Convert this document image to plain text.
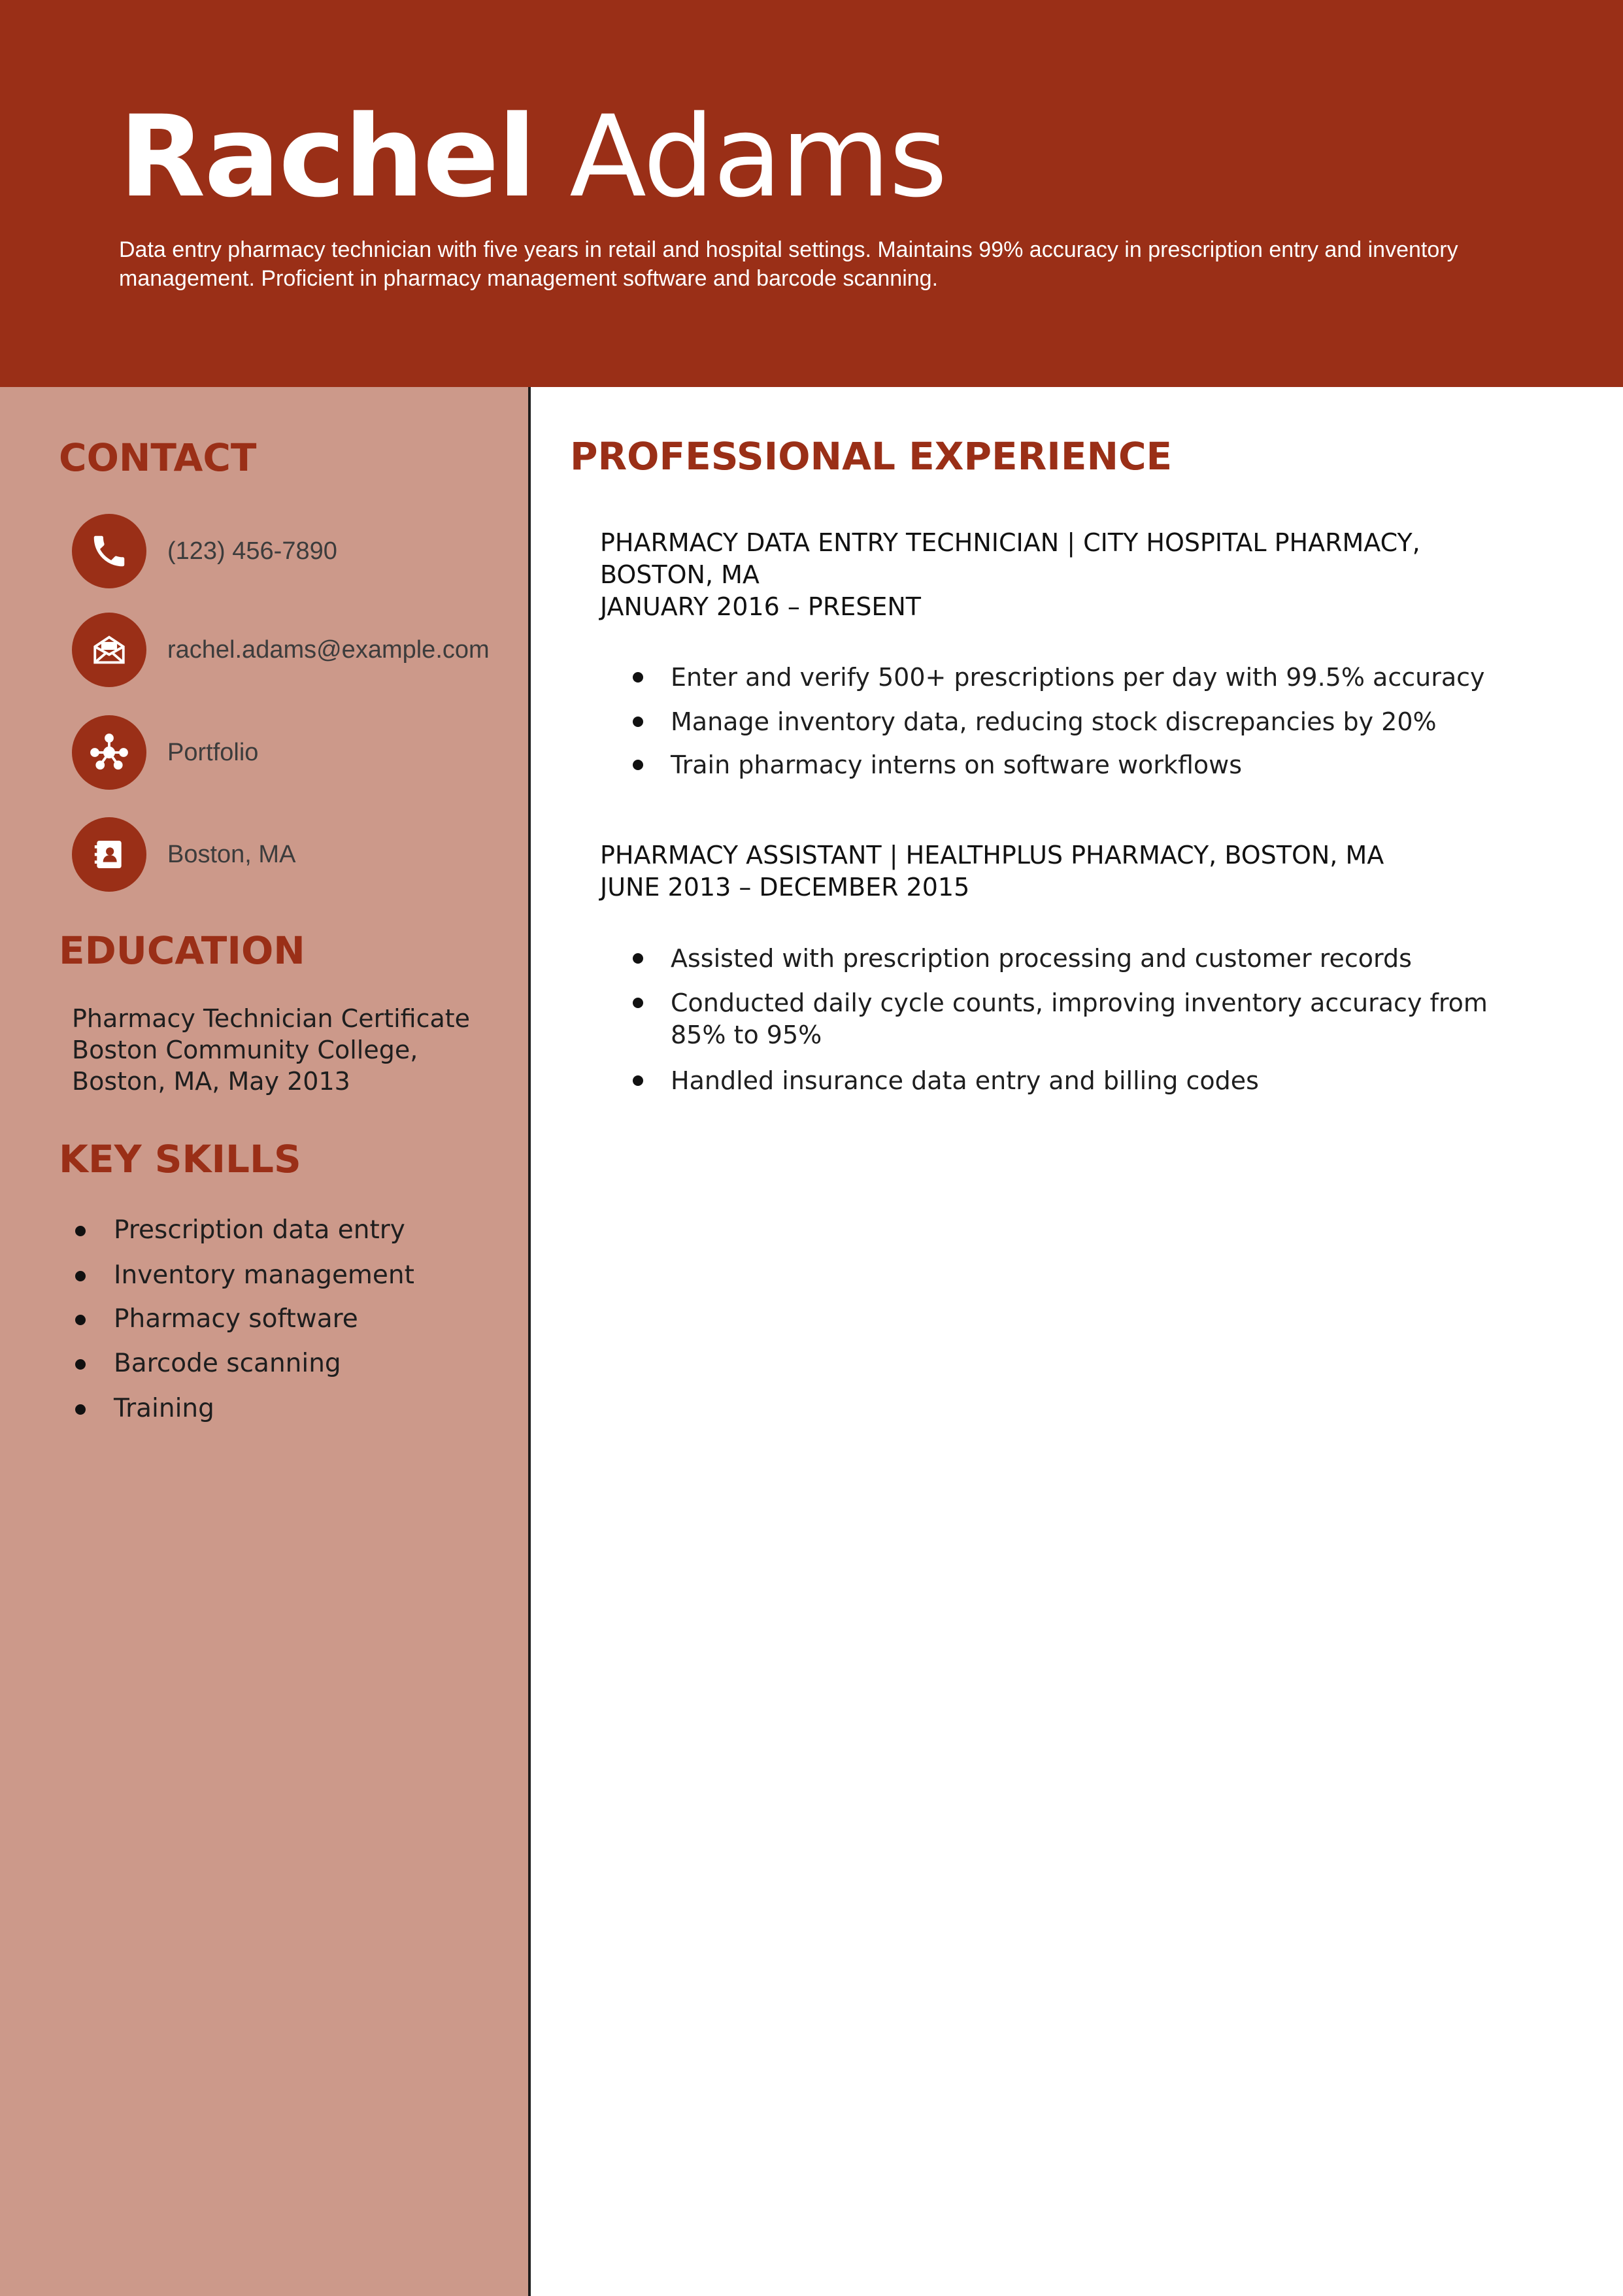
Rachel Adams

Data entry pharmacy technician with five years in retail and hospital settings. Maintains 99% accuracy in prescription entry and inventory management. Proficient in pharmacy management software and barcode scanning.

CONTACT
(123) 456-7890
rachel.adams@example.com
Portfolio
Boston, MA
EDUCATION

Pharmacy Technician Certificate

Boston Community College,

Boston, MA, May 2013

KEY SKILLS
Prescription data entry
Inventory management
Pharmacy software
Barcode scanning
Training
PROFESSIONAL EXPERIENCE

PHARMACY DATA ENTRY TECHNICIAN | CITY HOSPITAL PHARMACY,

BOSTON, MA

JANUARY 2016 – PRESENT

Enter and verify 500+ prescriptions per day with 99.5% accuracy
Manage inventory data, reducing stock discrepancies by 20%
Train pharmacy interns on software workflows

PHARMACY ASSISTANT | HEALTHPLUS PHARMACY, BOSTON, MA

JUNE 2013 – DECEMBER 2015

Assisted with prescription processing and customer records
Conducted daily cycle counts, improving inventory accuracy from 85% to 95%
Handled insurance data entry and billing codes
